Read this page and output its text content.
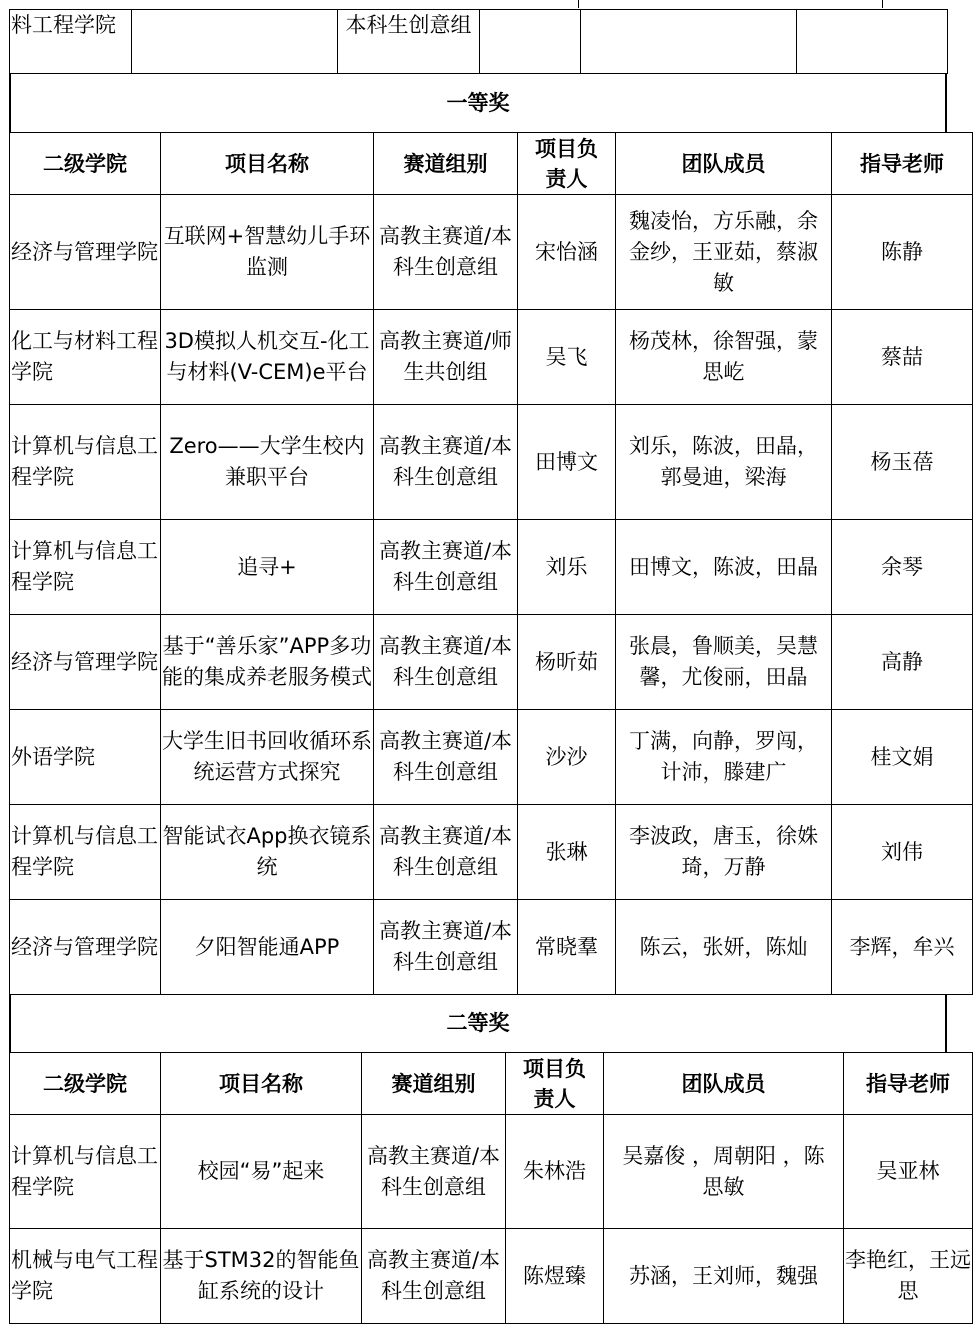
料工程学院		本科生创意组			
一等奖
二级学院	项目名称	赛道组别	项目负责人	团队成员	指导老师
经济与管理学院	互联网+智慧幼儿手环监测	高教主赛道/本科生创意组	宋怡涵	魏凌怡，方乐融，余金纱，王亚茹，蔡淑敏	陈静
化工与材料工程学院	3D模拟人机交互-化工与材料(V-CEM)e平台	高教主赛道/师生共创组	吴飞	杨茂林，徐智强，蒙思屹	蔡喆
计算机与信息工程学院	Zero——大学生校内兼职平台	高教主赛道/本科生创意组	田博文	刘乐，陈波，田晶，郭曼迪，梁海	杨玉蓓
计算机与信息工程学院	追寻+	高教主赛道/本科生创意组	刘乐	田博文，陈波，田晶	余琴
经济与管理学院	基于“善乐家”APP多功能的集成养老服务模式	高教主赛道/本科生创意组	杨昕茹	张晨，鲁顺美，吴慧馨，尤俊丽，田晶	高静
外语学院	大学生旧书回收循环系统运营方式探究	高教主赛道/本科生创意组	沙沙	丁满，向静，罗闯，计沛，滕建广	桂文娟
计算机与信息工程学院	智能试衣App换衣镜系统	高教主赛道/本科生创意组	张琳	李波政，唐玉，徐姝琦，万静	刘伟
经济与管理学院	夕阳智能通APP	高教主赛道/本科生创意组	常晓羣	陈云，张妍，陈灿	李辉，牟兴
二等奖
二级学院	项目名称	赛道组别	项目负责人	团队成员	指导老师
计算机与信息工程学院	校园“易”起来	高教主赛道/本科生创意组	朱林浩	吴嘉俊 ，周朝阳 ，陈思敏	吴亚林
机械与电气工程学院	基于STM32的智能鱼缸系统的设计	高教主赛道/本科生创意组	陈煜臻	苏涵，王刘师，魏强	李艳红，王远思
